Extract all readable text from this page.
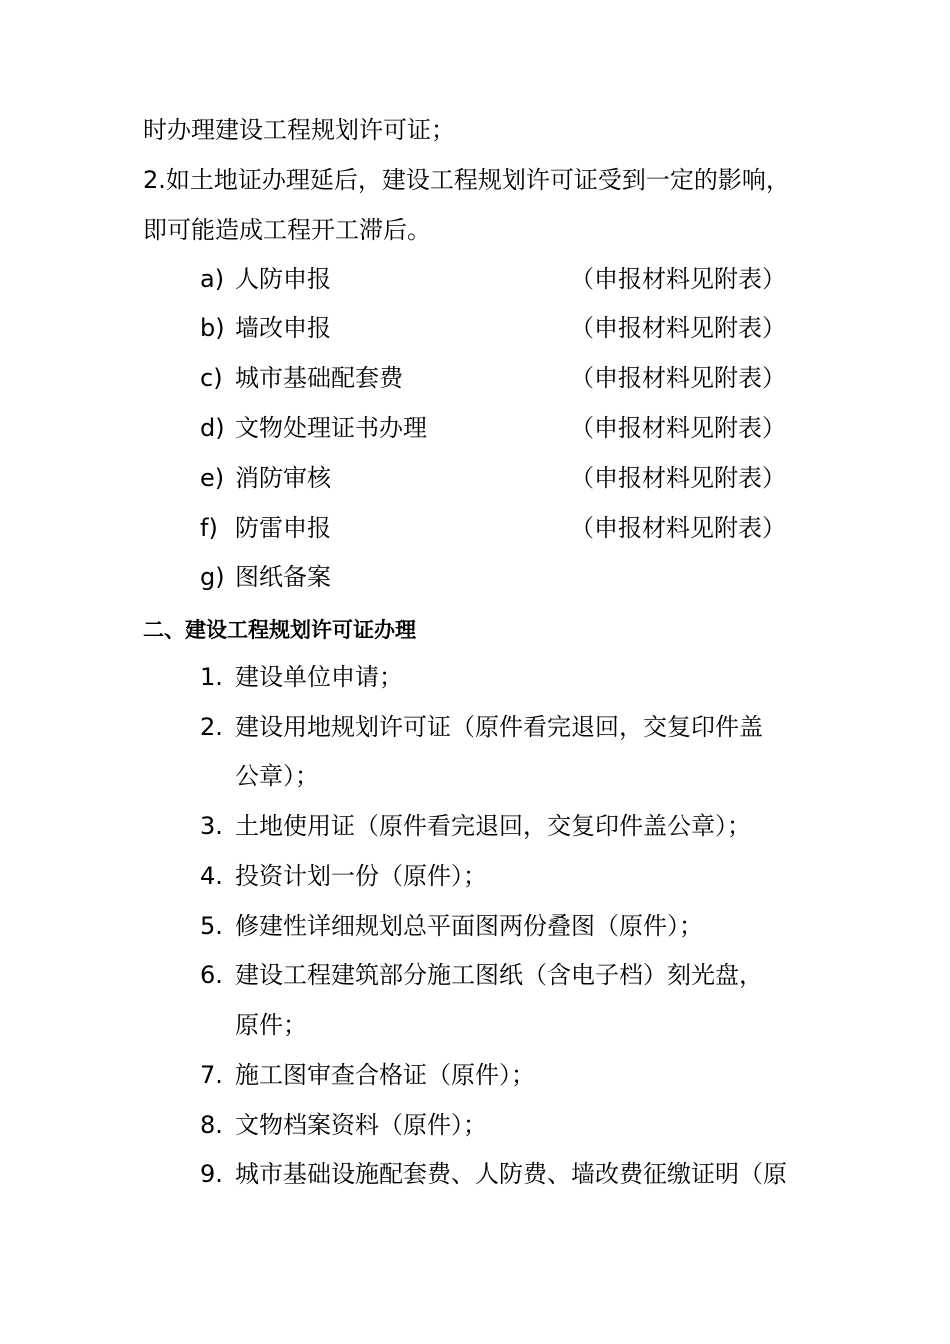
时办理建设工程规划许可证；
2.如土地证办理延后，建设工程规划许可证受到一定的影响，
即可能造成工程开工滞后。
a) 人防申报	（申报材料见附表）
b) 墙改申报	（申报材料见附表）
c) 城市基础配套费	（申报材料见附表）
d) 文物处理证书办理	（申报材料见附表）
e) 消防审核	（申报材料见附表）
f) 防雷申报	（申报材料见附表）
g) 图纸备案
二、建设工程规划许可证办理
1. 建设单位申请；
2. 建设用地规划许可证（原件看完退回，交复印件盖
公章）；
3. 土地使用证（原件看完退回，交复印件盖公章）；
4. 投资计划一份（原件）；
5. 修建性详细规划总平面图两份叠图（原件）；
6. 建设工程建筑部分施工图纸（含电子档）刻光盘，
原件；
7. 施工图审查合格证（原件）；
8. 文物档案资料（原件）；
9. 城市基础设施配套费、人防费、墙改费征缴证明（原
